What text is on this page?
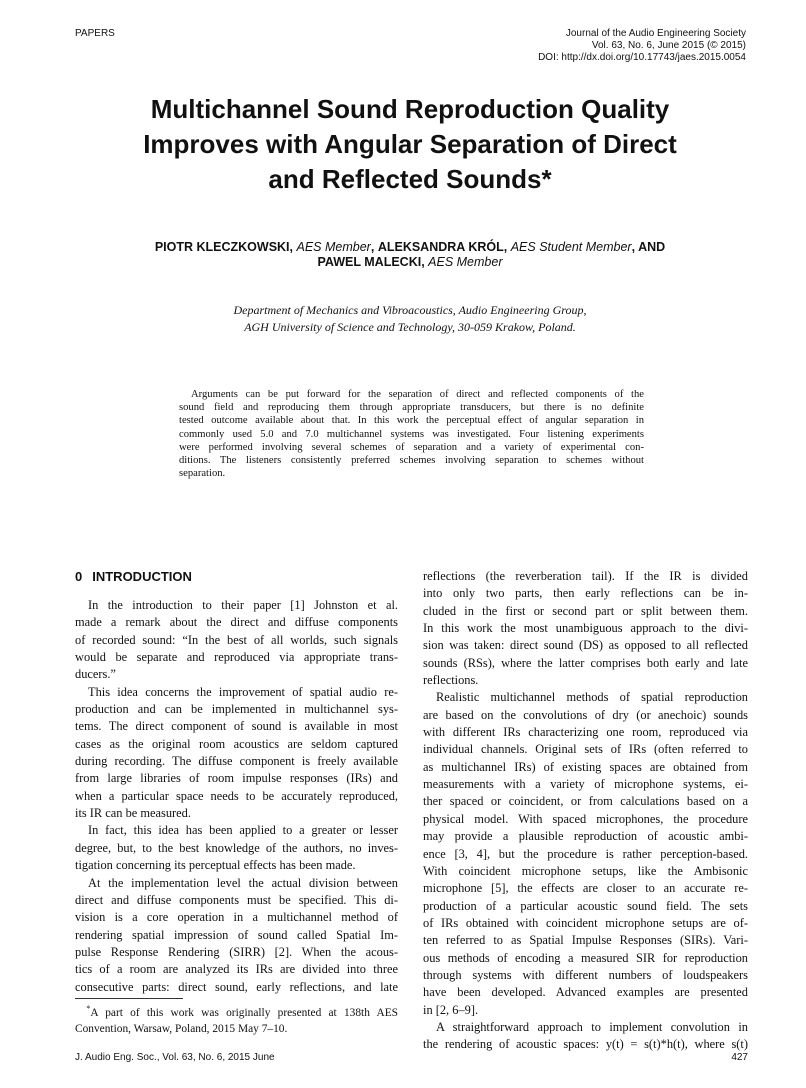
PAPERS	Journal of the Audio Engineering Society
Vol. 63, No. 6, June 2015 (© 2015)
DOI: http://dx.doi.org/10.17743/jaes.2015.0054
Multichannel Sound Reproduction Quality
Improves with Angular Separation of Direct
and Reflected Sounds*
PIOTR KLECZKOWSKI, AES Member, ALEKSANDRA KRÓL, AES Student Member, AND
PAWEL MALECKI, AES Member
Department of Mechanics and Vibroacoustics, Audio Engineering Group,
AGH University of Science and Technology, 30-059 Krakow, Poland.
Arguments can be put forward for the separation of direct and reflected components of the
sound field and reproducing them through appropriate transducers, but there is no definite
tested outcome available about that. In this work the perceptual effect of angular separation in
commonly used 5.0 and 7.0 multichannel systems was investigated. Four listening experiments
were performed involving several schemes of separation and a variety of experimental con-
ditions. The listeners consistently preferred schemes involving separation to schemes without
separation.
0 INTRODUCTION
In the introduction to their paper [1] Johnston et al.
made a remark about the direct and diffuse components
of recorded sound: “In the best of all worlds, such signals
would be separate and reproduced via appropriate trans-
ducers.”
This idea concerns the improvement of spatial audio re-
production and can be implemented in multichannel sys-
tems. The direct component of sound is available in most
cases as the original room acoustics are seldom captured
during recording. The diffuse component is freely available
from large libraries of room impulse responses (IRs) and
when a particular space needs to be accurately reproduced,
its IR can be measured.
In fact, this idea has been applied to a greater or lesser
degree, but, to the best knowledge of the authors, no inves-
tigation concerning its perceptual effects has been made.
At the implementation level the actual division between
direct and diffuse components must be specified. This di-
vision is a core operation in a multichannel method of
rendering spatial impression of sound called Spatial Im-
pulse Response Rendering (SIRR) [2]. When the acous-
tics of a room are analyzed its IRs are divided into three
consecutive parts: direct sound, early reflections, and late
reflections (the reverberation tail). If the IR is divided
into only two parts, then early reflections can be in-
cluded in the first or second part or split between them.
In this work the most unambiguous approach to the divi-
sion was taken: direct sound (DS) as opposed to all reflected
sounds (RSs), where the latter comprises both early and late
reflections.
Realistic multichannel methods of spatial reproduction
are based on the convolutions of dry (or anechoic) sounds
with different IRs characterizing one room, reproduced via
individual channels. Original sets of IRs (often referred to
as multichannel IRs) of existing spaces are obtained from
measurements with a variety of microphone systems, ei-
ther spaced or coincident, or from calculations based on a
physical model. With spaced microphones, the procedure
may provide a plausible reproduction of acoustic ambi-
ence [3, 4], but the procedure is rather perception-based.
With coincident microphone setups, like the Ambisonic
microphone [5], the effects are closer to an accurate re-
production of a particular acoustic sound field. The sets
of IRs obtained with coincident microphone setups are of-
ten referred to as Spatial Impulse Responses (SIRs). Vari-
ous methods of encoding a measured SIR for reproduction
through systems with different numbers of loudspeakers
have been developed. Advanced examples are presented
in [2, 6–9].
A straightforward approach to implement convolution in
the rendering of acoustic spaces: y(t) = s(t)*h(t), where s(t)
 *A part of this work was originally presented at 138th AES
Convention, Warsaw, Poland, 2015 May 7–10.
J. Audio Eng. Soc., Vol. 63, No. 6, 2015 June	427
